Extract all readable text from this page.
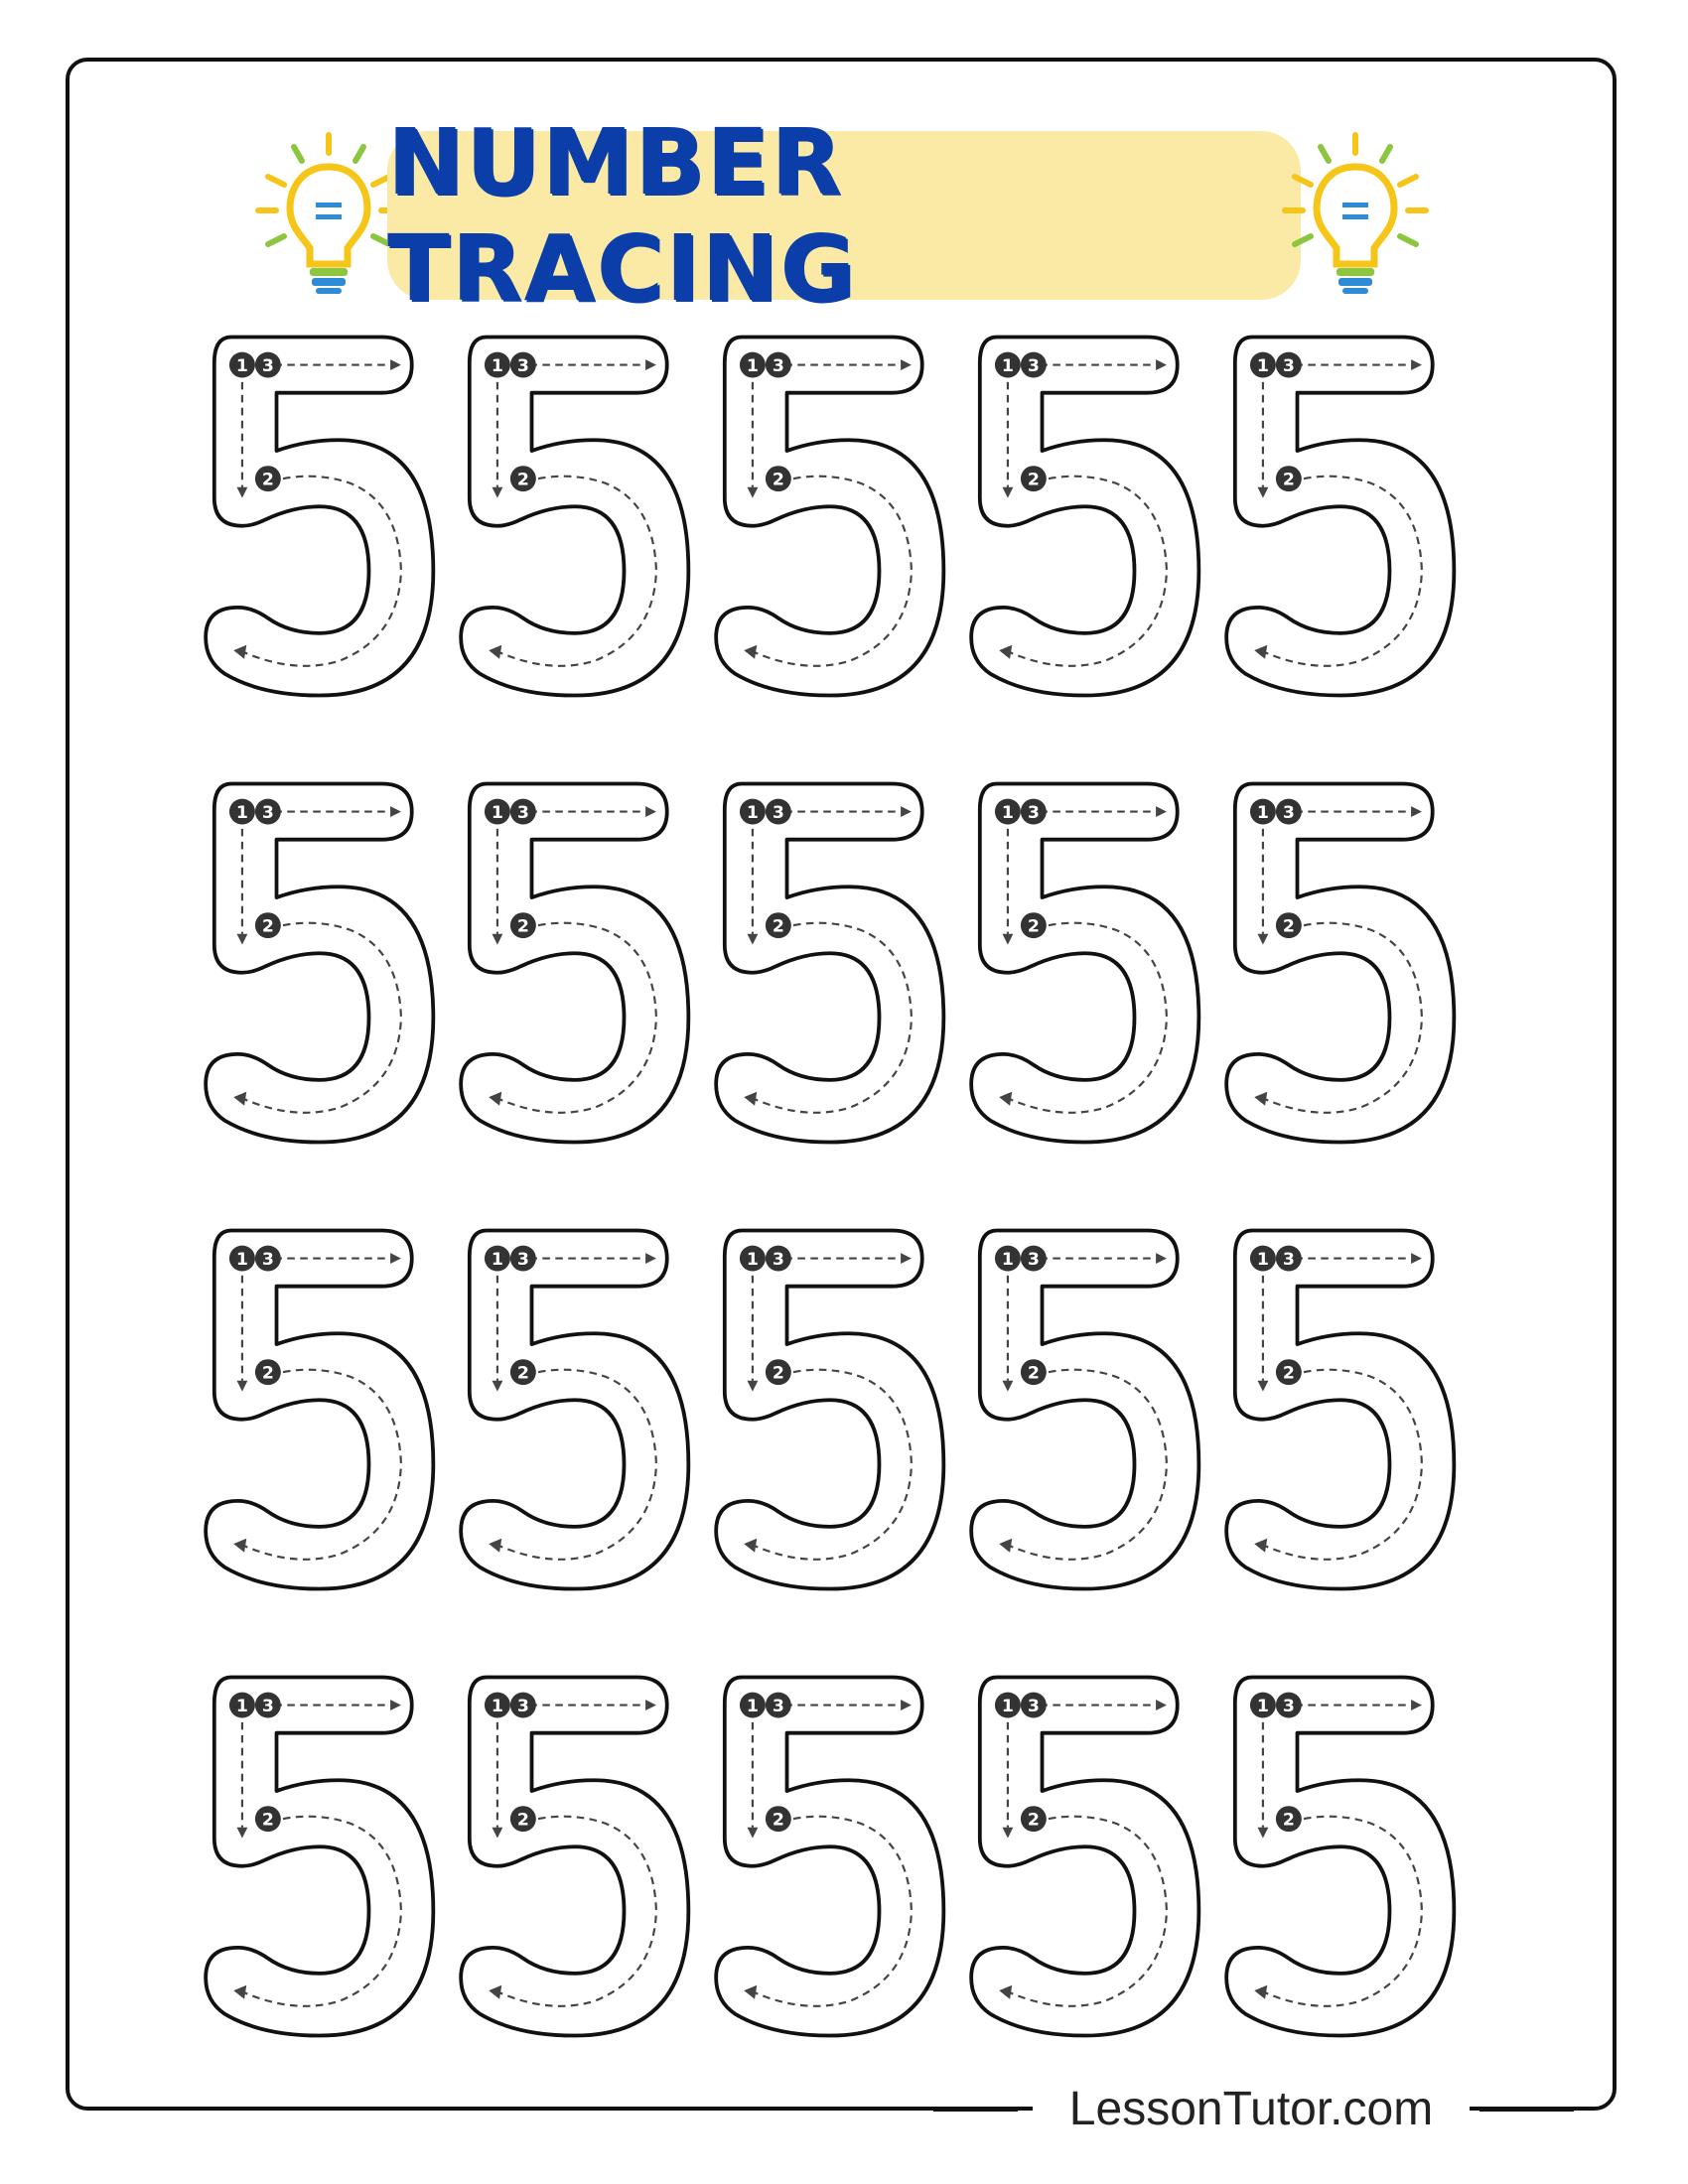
NUMBER TRACING
1 3
2
1 3
2
1 3
2
1 3
2
1 3
2
1 3
2
1 3
2
1 3
2
1 3
2
1 3
2
1 3
2
1 3
2
1 3
2
1 3
2
1 3
2
1 3
2
1 3
2
1 3
2
1 3
2
1 3
2
LessonTutor.com
